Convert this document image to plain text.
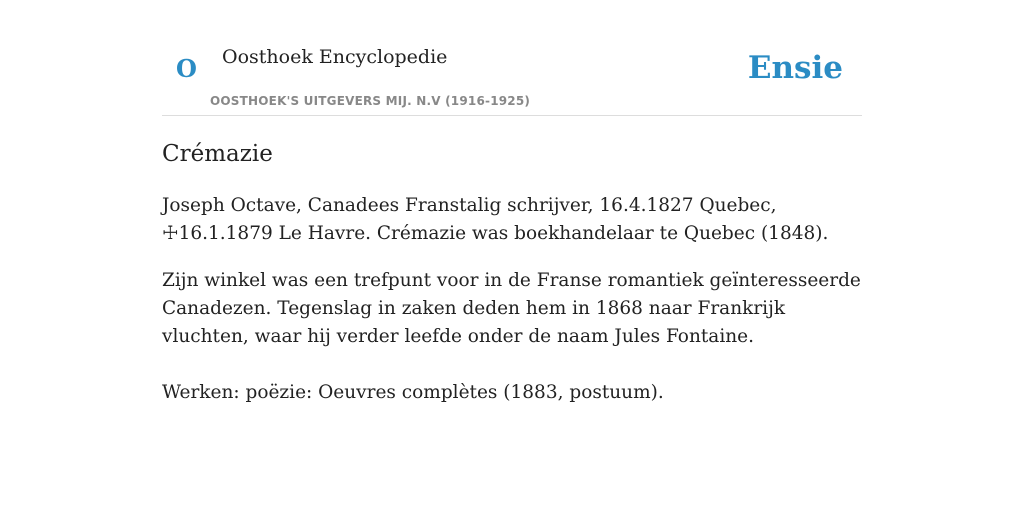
O Oosthoek Encyclopedie
OOSTHOEK'S UITGEVERS MIJ. N.V (1916-1925)
Ensie
Crémazie

Joseph Octave, Canadees Franstalig schrijver, 16.4.1827 Quebec, ☩16.1.1879 Le Havre. Crémazie was boekhandelaar te Quebec (1848).

Zijn winkel was een trefpunt voor in de Franse romantiek geïnteresseerde Canadezen. Tegenslag in zaken deden hem in 1868 naar Frankrijk vluchten, waar hij verder leefde onder de naam Jules Fontaine.

Werken: poëzie: Oeuvres complètes (1883, postuum).
